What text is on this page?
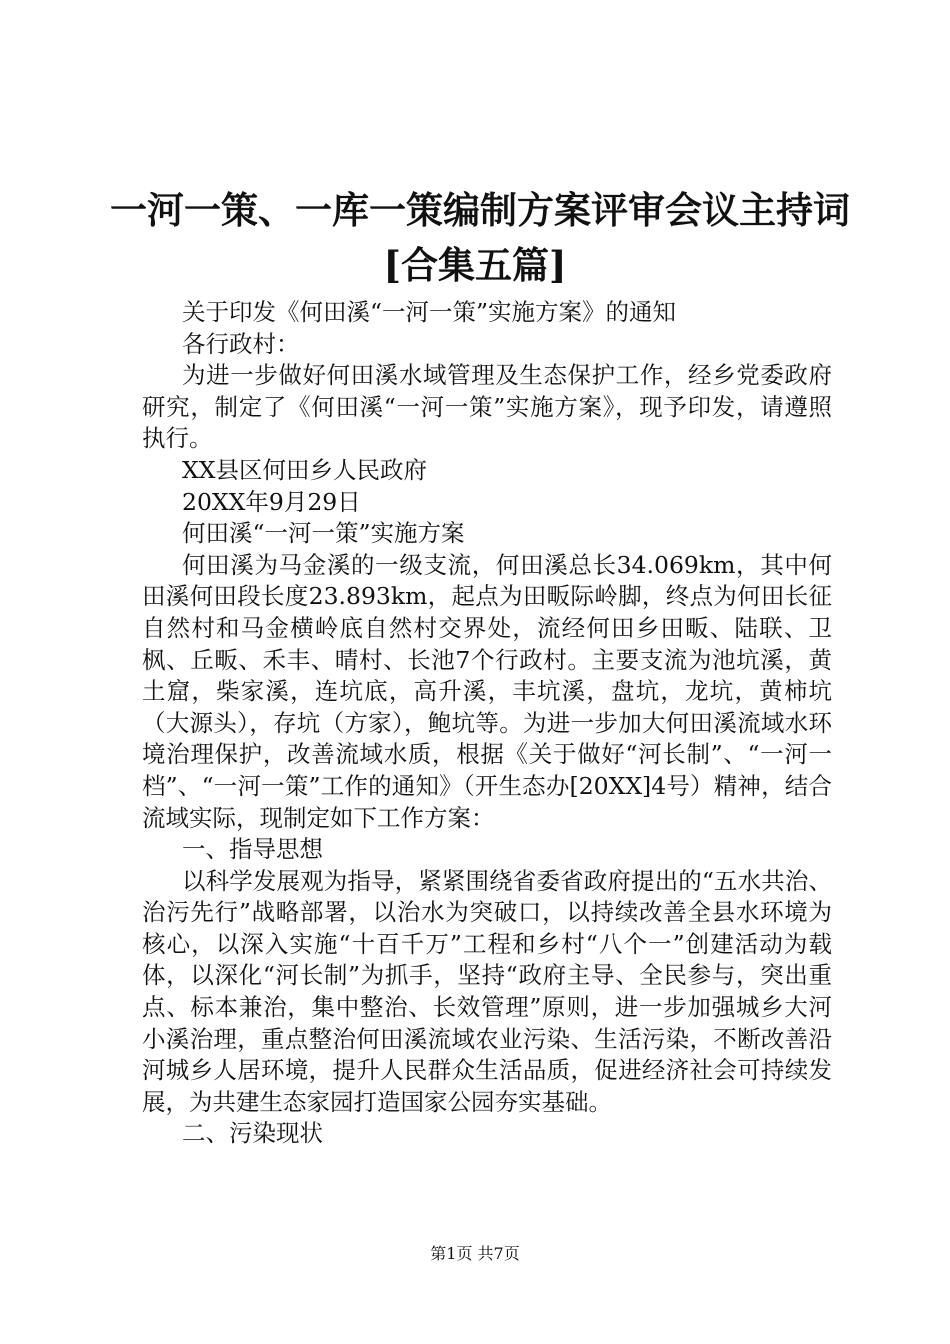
一河一策、一库一策编制方案评审会议主持词
[合集五篇]

关于印发《何田溪“一河一策”实施方案》的通知

各行政村：

为进一步做好何田溪水域管理及生态保护工作，经乡党委政府研究，制定了《何田溪“一河一策”实施方案》，现予印发，请遵照执行。

XX县区何田乡人民政府

20XX年9月29日

何田溪“一河一策”实施方案

何田溪为马金溪的一级支流，何田溪总长34.069km，其中何田溪何田段长度23.893km，起点为田畈际岭脚，终点为何田长征自然村和马金横岭底自然村交界处，流经何田乡田畈、陆联、卫枫、丘畈、禾丰、晴村、长池7个行政村。主要支流为池坑溪，黄土窟，柴家溪，连坑底，高升溪，丰坑溪，盘坑，龙坑，黄柿坑（大源头），存坑（方家），鲍坑等。为进一步加大何田溪流域水环境治理保护，改善流域水质，根据《关于做好“河长制”、“一河一档”、“一河一策”工作的通知》（开生态办[20XX]4号）精神，结合流域实际，现制定如下工作方案：

一、指导思想

以科学发展观为指导，紧紧围绕省委省政府提出的“五水共治、治污先行”战略部署，以治水为突破口，以持续改善全县水环境为核心，以深入实施“十百千万”工程和乡村“八个一”创建活动为载体，以深化“河长制”为抓手，坚持“政府主导、全民参与，突出重点、标本兼治，集中整治、长效管理”原则，进一步加强城乡大河小溪治理，重点整治何田溪流域农业污染、生活污染，不断改善沿河城乡人居环境，提升人民群众生活品质，促进经济社会可持续发展，为共建生态家园打造国家公园夯实基础。

二、污染现状

第1页 共7页
